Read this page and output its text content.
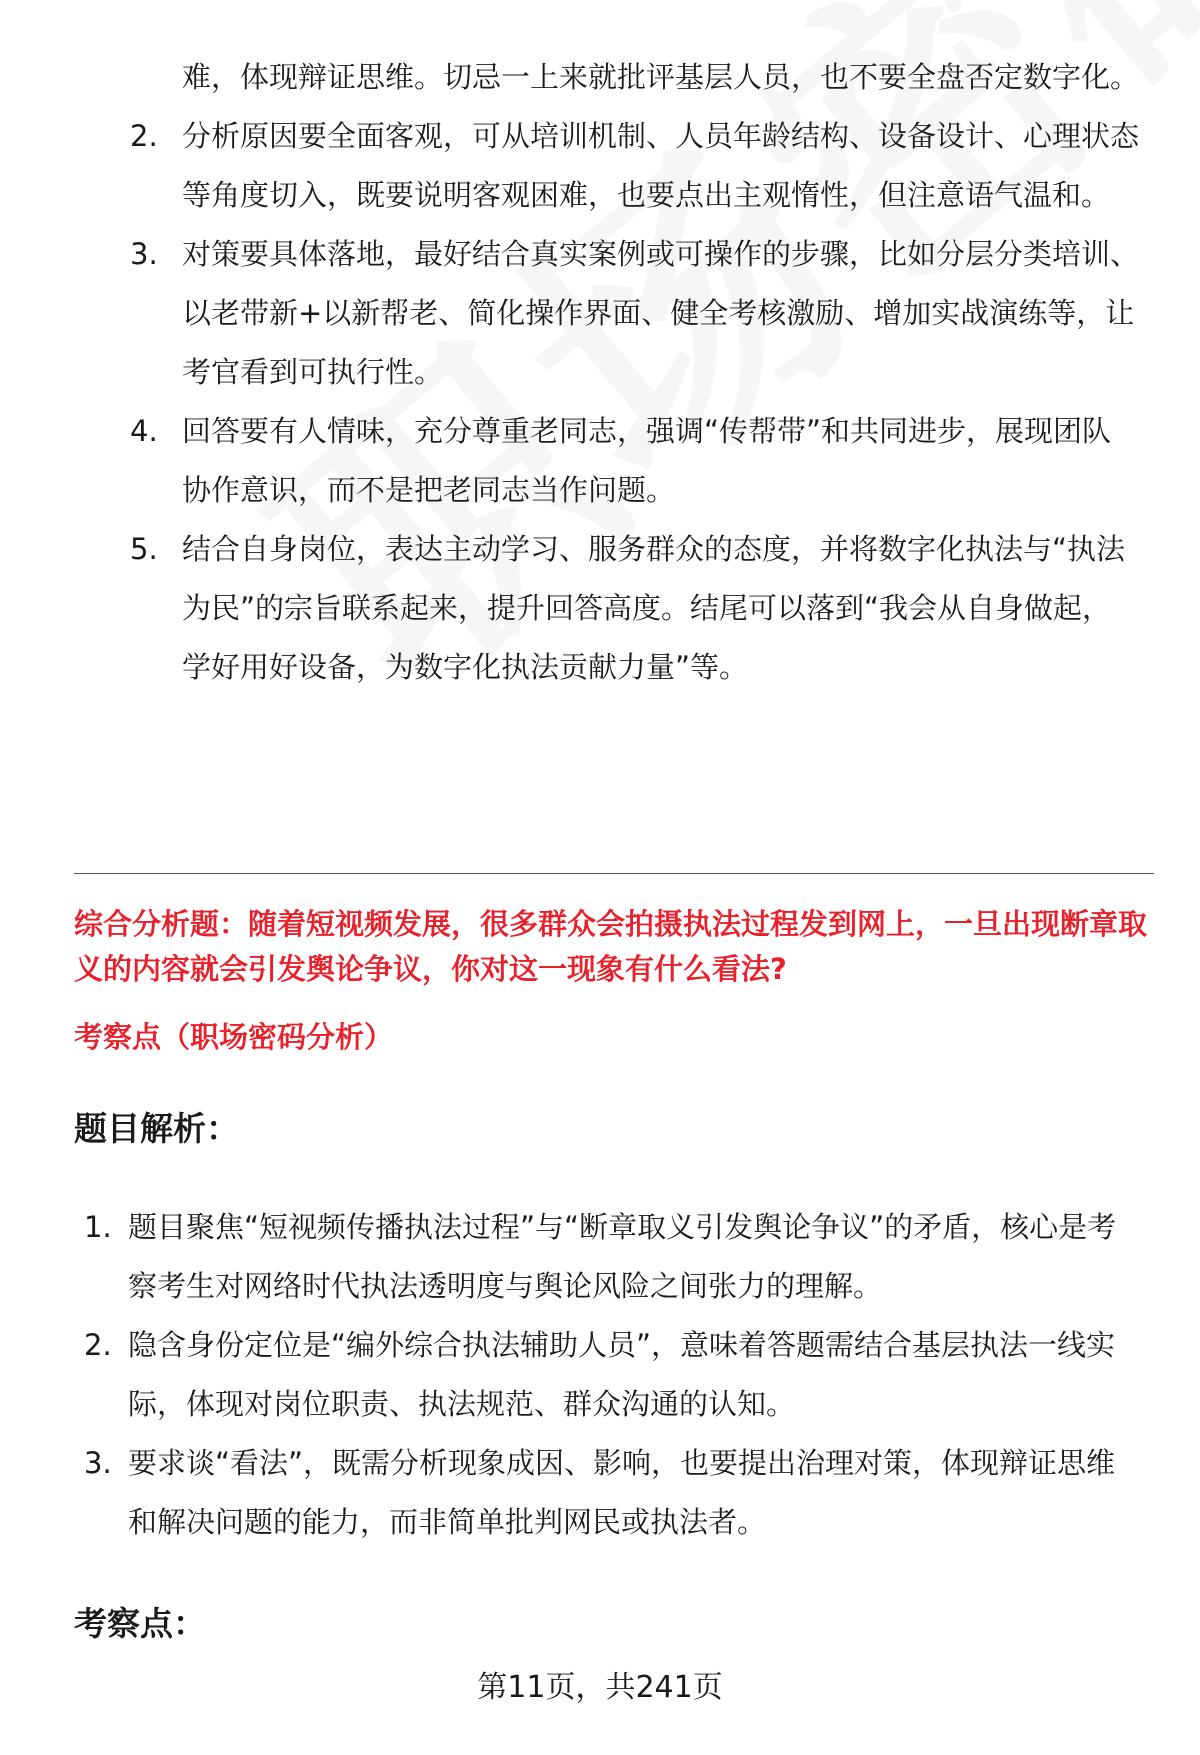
难，体现辩证思维。切忌一上来就批评基层人员，也不要全盘否定数字化。
2. 分析原因要全面客观，可从培训机制、人员年龄结构、设备设计、心理状态等角度切入，既要说明客观困难，也要点出主观惰性，但注意语气温和。
3. 对策要具体落地，最好结合真实案例或可操作的步骤，比如分层分类培训、以老带新+以新帮老、简化操作界面、健全考核激励、增加实战演练等，让考官看到可执行性。
4. 回答要有人情味，充分尊重老同志，强调“传帮带”和共同进步，展现团队协作意识，而不是把老同志当作问题。
5. 结合自身岗位，表达主动学习、服务群众的态度，并将数字化执法与“执法为民”的宗旨联系起来，提升回答高度。结尾可以落到“我会从自身做起，学好用好设备，为数字化执法贡献力量”等。
综合分析题：随着短视频发展，很多群众会拍摄执法过程发到网上，一旦出现断章取义的内容就会引发舆论争议，你对这一现象有什么看法?
考察点（职场密码分析）
题目解析：
1. 题目聚焦“短视频传播执法过程”与“断章取义引发舆论争议”的矛盾，核心是考察考生对网络时代执法透明度与舆论风险之间张力的理解。
2. 隐含身份定位是“编外综合执法辅助人员”，意味着答题需结合基层执法一线实际，体现对岗位职责、执法规范、群众沟通的认知。
3. 要求谈“看法”，既需分析现象成因、影响，也要提出治理对策，体现辩证思维和解决问题的能力，而非简单批判网民或执法者。
考察点：
第11页，共241页
